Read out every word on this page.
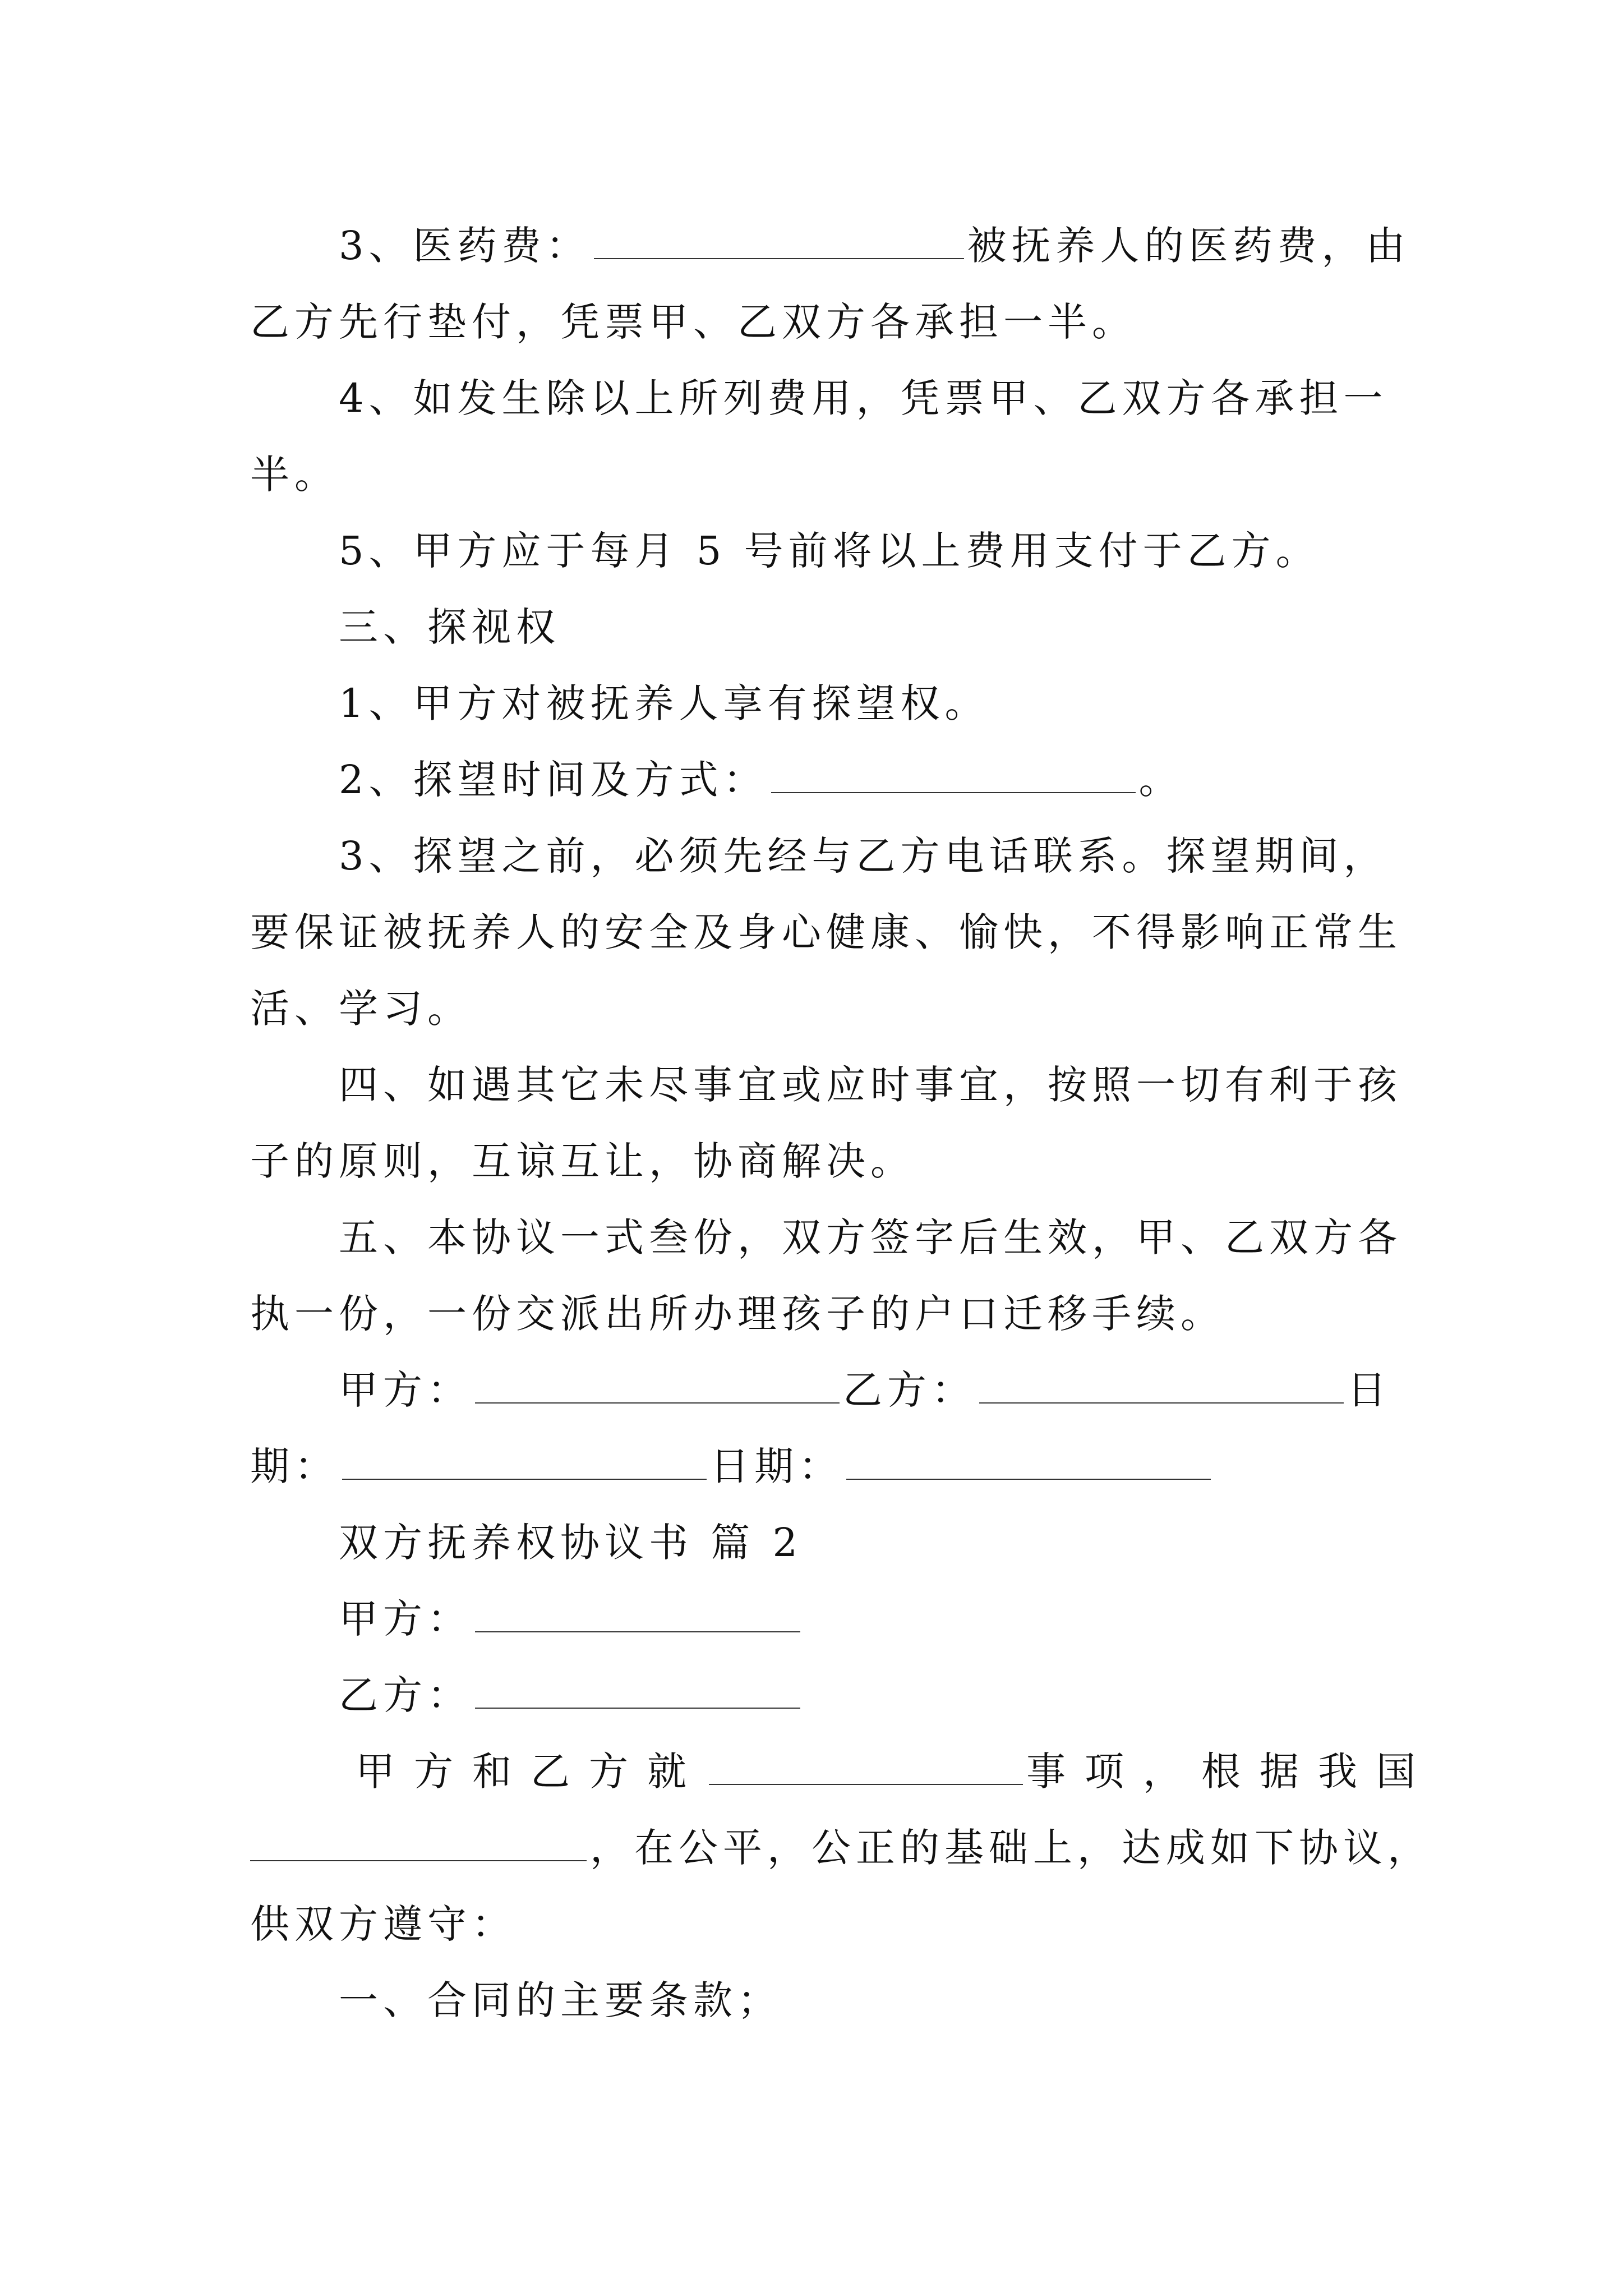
3、医药费：	被抚养人的医药费，由
乙方先行垫付，凭票甲、乙双方各承担一半。
4、如发生除以上所列费用，凭票甲、乙双方各承担一
半。
5、甲方应于每月 5 号前将以上费用支付于乙方。
三、探视权
1、甲方对被抚养人享有探望权。
2、探望时间及方式：	。
3、探望之前，必须先经与乙方电话联系。探望期间，
要保证被抚养人的安全及身心健康、愉快，不得影响正常生
活、学习。
四、如遇其它未尽事宜或应时事宜，按照一切有利于孩
子的原则，互谅互让，协商解决。
五、本协议一式叁份，双方签字后生效，甲、乙双方各
执一份，一份交派出所办理孩子的户口迁移手续。
甲方：	乙方：	日
期：	日期：
双方抚养权协议书 篇 2
甲方：
乙方：
甲方和乙方就	事项，根据我国
，在公平，公正的基础上，达成如下协议，
供双方遵守：
一、合同的主要条款；
